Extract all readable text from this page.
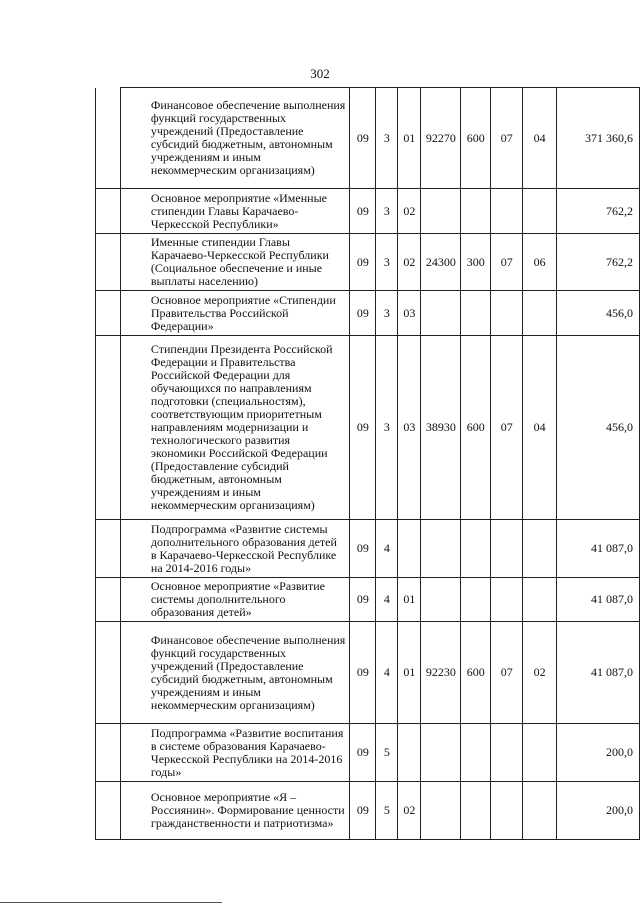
302
	Финансовое обеспечение выполнения функций государственных учреждений (Предоставление субсидий бюджетным, автономным учреждениям и иным некоммерческим организациям)	09	3	01	92270	600	07	04	371 360,6
	Основное мероприятие «Именные стипендии Главы Карачаево-Черкесской Республики»	09	3	02					762,2
	Именные стипендии Главы Карачаево-Черкесской Республики (Социальное обеспечение и иные выплаты населению)	09	3	02	24300	300	07	06	762,2
	Основное мероприятие «Стипендии Правительства Российской Федерации»	09	3	03					456,0
	Стипендии Президента Российской Федерации и Правительства Российской Федерации для обучающихся по направлениям подготовки (специальностям), соответствующим приоритетным направлениям модернизации и технологического развития экономики Российской Федерации (Предоставление субсидий бюджетным, автономным учреждениям и иным некоммерческим организациям)	09	3	03	38930	600	07	04	456,0
	Подпрограмма «Развитие системы дополнительного образования детей в Карачаево-Черкесской Республике на 2014-2016 годы»	09	4						41 087,0
	Основное мероприятие «Развитие системы дополнительного образования детей»	09	4	01					41 087,0
	Финансовое обеспечение выполнения функций государственных учреждений (Предоставление субсидий бюджетным, автономным учреждениям и иным некоммерческим организациям)	09	4	01	92230	600	07	02	41 087,0
	Подпрограмма «Развитие воспитания в системе образования Карачаево-Черкесской Республики на 2014-2016 годы»	09	5						200,0
	Основное мероприятие «Я – Россиянин». Формирование ценности гражданственности и патриотизма»	09	5	02					200,0
